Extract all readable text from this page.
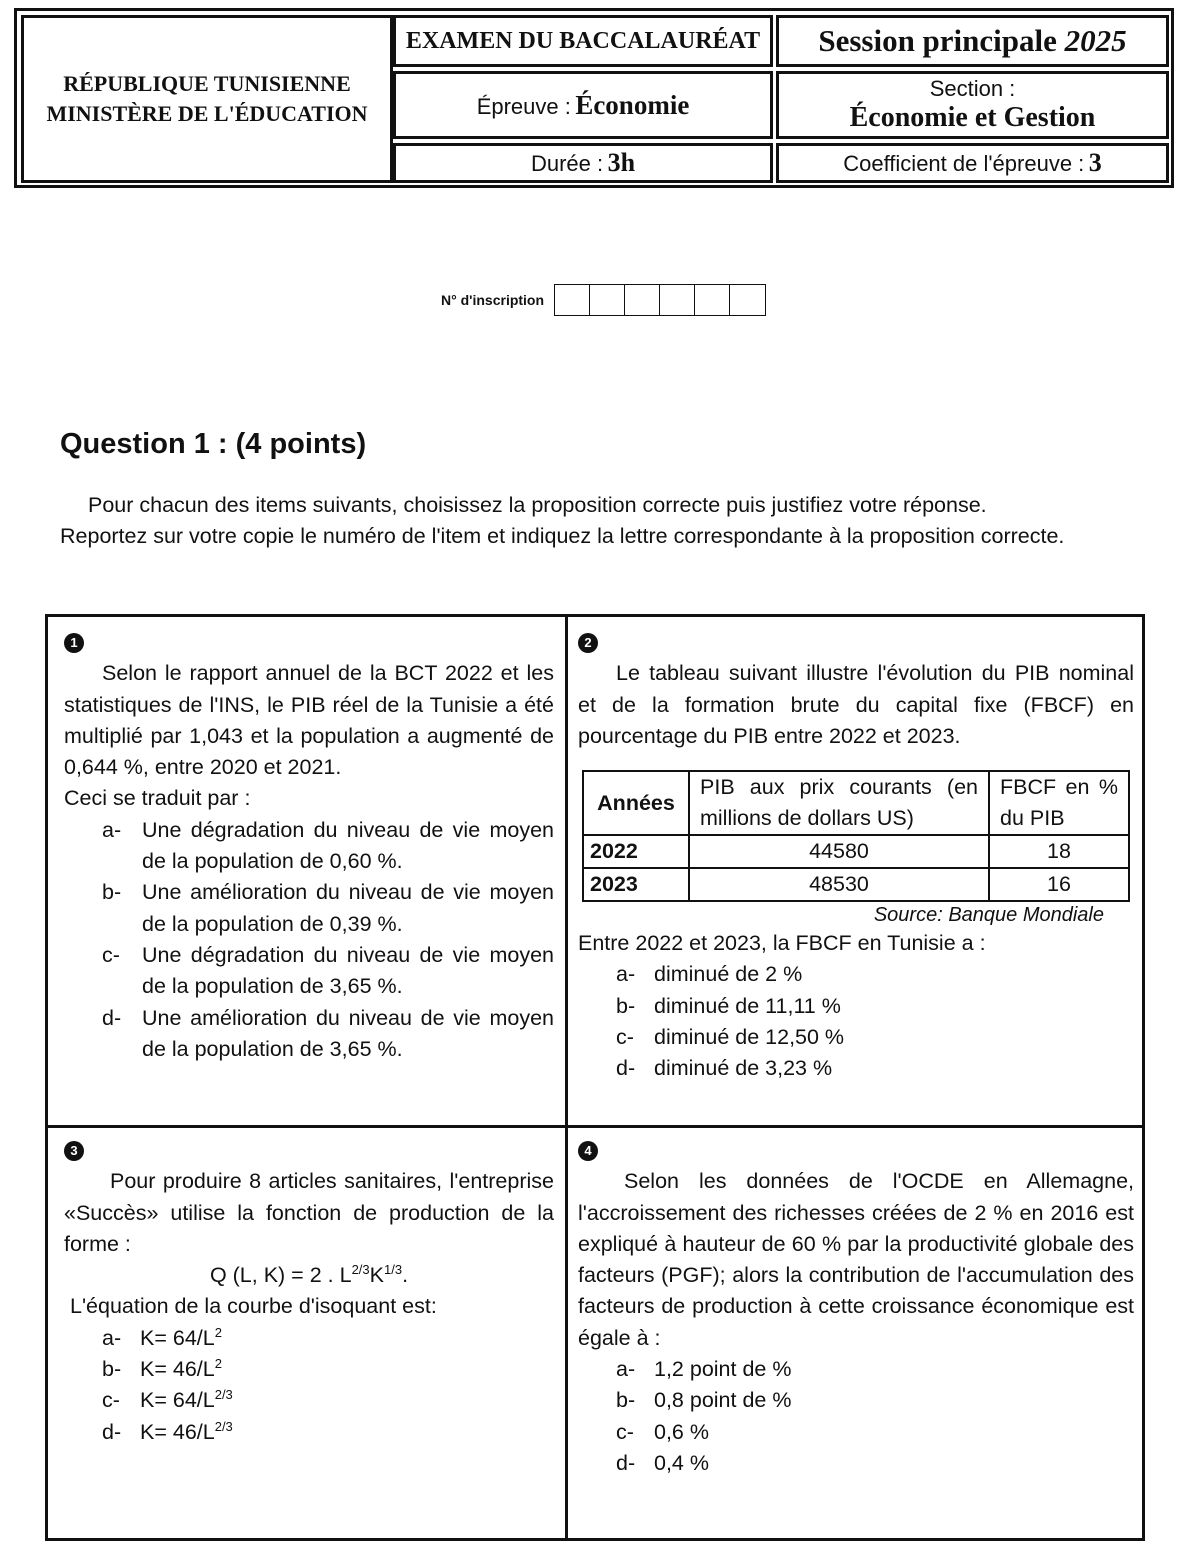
RÉPUBLIQUE TUNISIENNE
MINISTÈRE DE L'ÉDUCATION
EXAMEN DU BACCALAURÉAT Session principale 2025
Épreuve : Économie
Section :
Économie et Gestion
Durée : 3h	Coefficient de l'épreuve : 3
N° d'inscription
Question 1 : (4 points)

Pour chacun des items suivants, choisissez la proposition correcte puis justifiez votre réponse.

Reportez sur votre copie le numéro de l'item et indiquez la lettre correspondante à la proposition correcte.

1

Selon le rapport annuel de la BCT 2022 et les statistiques de l'INS, le PIB réel de la Tunisie a été multiplié par 1,043 et la population a augmenté de 0,644 %, entre 2020 et 2021.

Ceci se traduit par :

a- Une dégradation du niveau de vie moyen de la population de 0,60 %.
b- Une amélioration du niveau de vie moyen de la population de 0,39 %.
c-	Une dégradation du niveau de vie moyen de la population de 3,65 %.
d- Une amélioration du niveau de vie moyen de la population de 3,65 %.
2

Le tableau suivant illustre l'évolution du PIB nominal et de la formation brute du capital fixe (FBCF) en pourcentage du PIB entre 2022 et 2023.

Années	PIB aux prix courants (en millions de dollars US)	FBCF en % du PIB
2022	44580	18
2023	48530	16
Source: Banque Mondiale

Entre 2022 et 2023, la FBCF en Tunisie a :

a- diminué de 2 %
b- diminué de 11,11 %
c- diminué de 12,50 %
d- diminué de 3,23 %
3

Pour produire 8 articles sanitaires, l'entreprise «Succès» utilise la fonction de production de la forme :

Q (L, K) = 2 . $L^{2/3}K^{1/3}$.

L'équation de la courbe d'isoquant est:

a- $K= 64/L^2$
b- $K= 46/L^2$
c- $K= 64/L^{2/3}$
d- $K= 46/L^{2/3}$
4

Selon les données de l'OCDE en Allemagne, l'accroissement des richesses créées de 2 % en 2016 est expliqué à hauteur de 60 % par la productivité globale des facteurs (PGF); alors la contribution de l'accumulation des facteurs de production à cette croissance économique est égale à :

a- 1,2 point de %
b- 0,8 point de %
c- 0,6 %
d- 0,4 %
